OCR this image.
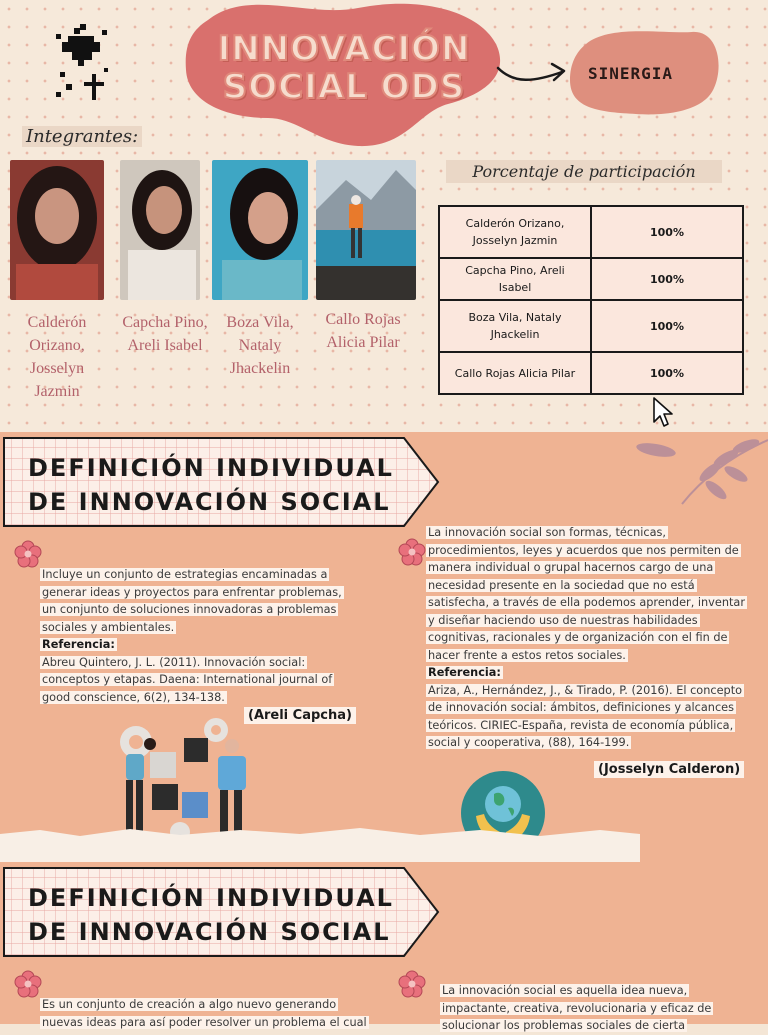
INNOVACIÓN
SOCIAL ODS	SINERGIA
Integrantes:
Calderón
Orizano,
Josselyn
Jazmin
Capcha Pino,
Areli Isabel
Boza Vila,
Nataly
Jhackelin
Callo Rojas
Alicia Pilar
Porcentaje de participación
Calderón Orizano,
Josselyn Jazmin	100%
Capcha Pino, Areli Isabel	100%
Boza Vila, Nataly
Jhackelin	100%
Callo Rojas Alicia Pilar	100%
DEFINICIÓN INDIVIDUAL
DE INNOVACIÓN SOCIAL
Incluye un conjunto de estrategias encaminadas a
generar ideas y proyectos para enfrentar problemas,
un conjunto de soluciones innovadoras a problemas
sociales y ambientales.
Referencia:
Abreu Quintero, J. L. (2011). Innovación social:
conceptos y etapas. Daena: International journal of
good conscience, 6(2), 134-138.
(Areli Capcha)
La innovación social son formas, técnicas,
procedimientos, leyes y acuerdos que nos permiten de
manera individual o grupal hacernos cargo de una
necesidad presente en la sociedad que no está
satisfecha, a través de ella podemos aprender, inventar
y diseñar haciendo uso de nuestras habilidades
cognitivas, racionales y de organización con el fin de
hacer frente a estos retos sociales.
Referencia:
Ariza, A., Hernández, J., & Tirado, P. (2016). El concepto
de innovación social: ámbitos, definiciones y alcances
teóricos. CIRIEC-España, revista de economía pública,
social y cooperativa, (88), 164-199.
(Josselyn Calderon)
DEFINICIÓN INDIVIDUAL
DE INNOVACIÓN SOCIAL
Es un conjunto de creación a algo nuevo generando
nuevas ideas para así poder resolver un problema el cual
La innovación social es aquella idea nueva,
impactante, creativa, revolucionaria y eficaz de
solucionar los problemas sociales de cierta
